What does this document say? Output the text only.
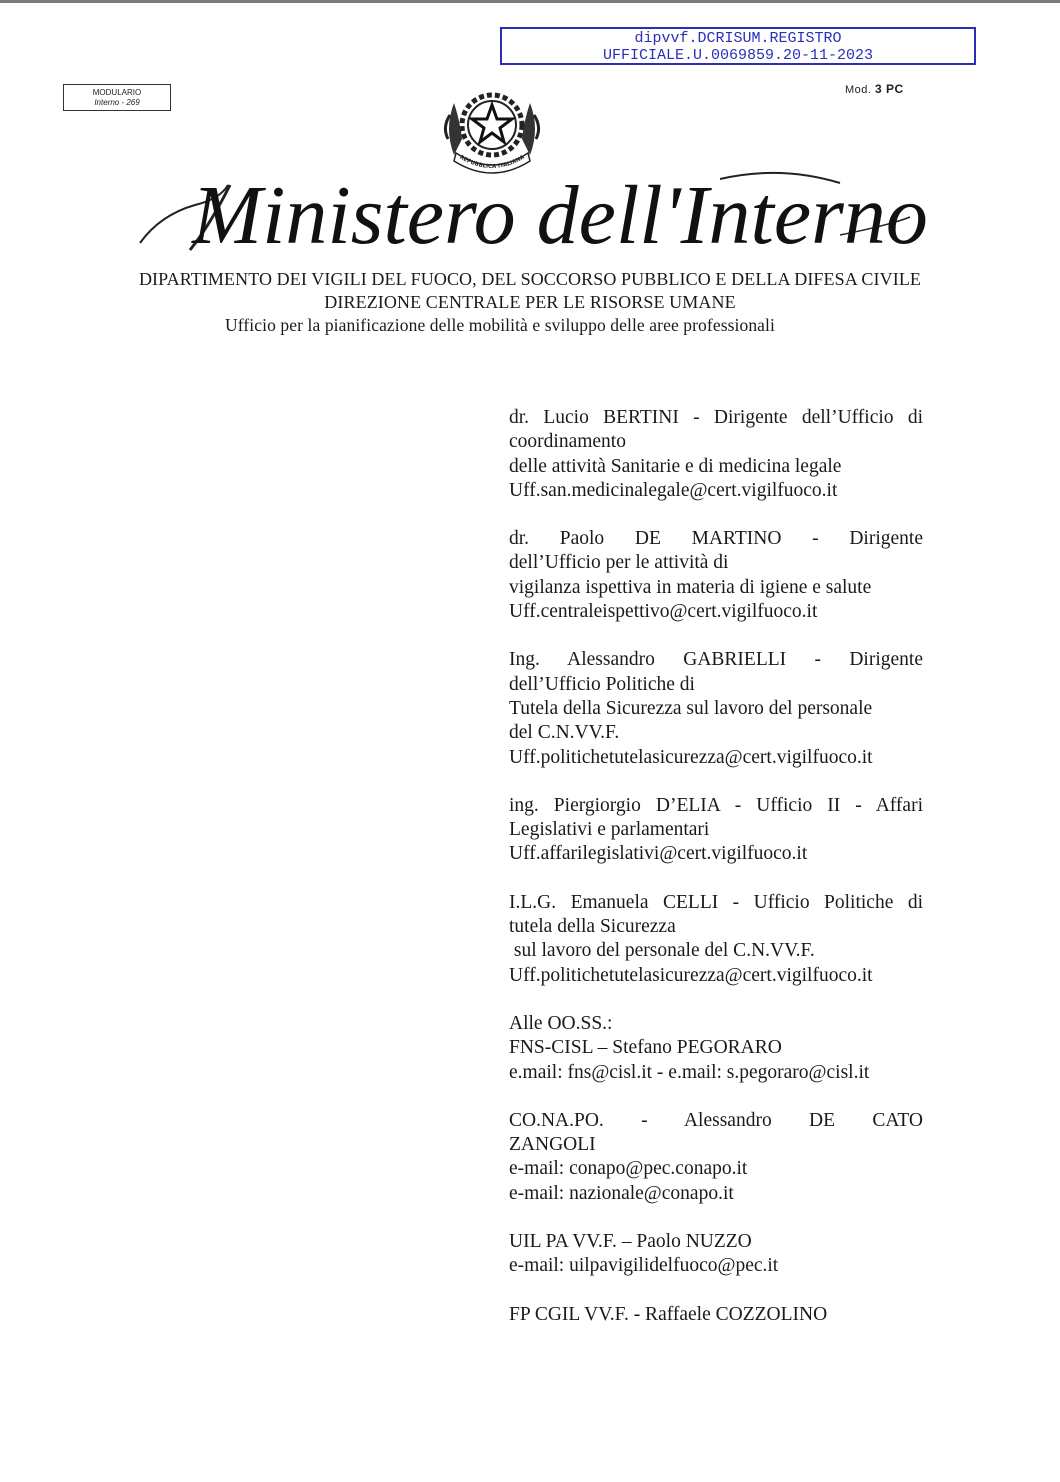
dipvvf.DCRISUM.REGISTRO
UFFICIALE.U.0069859.20-11-2023
MODULARIO
Interno - 269
Mod. 3 PC
REPUBBLICA ITALIANA
Ministero dell'Interno
DIPARTIMENTO DEI VIGILI DEL FUOCO, DEL SOCCORSO PUBBLICO E DELLA DIFESA CIVILE
DIREZIONE CENTRALE PER LE RISORSE UMANE
Ufficio per la pianificazione delle mobilità e sviluppo delle aree professionali
dr. Lucio BERTINI - Dirigente dell’Ufficio di
coordinamento
delle attività Sanitarie e di medicina legale
Uff.san.medicinalegale@cert.vigilfuoco.it
dr. Paolo DE MARTINO - Dirigente
dell’Ufficio per le attività di
vigilanza ispettiva in materia di igiene e salute
Uff.centraleispettivo@cert.vigilfuoco.it
Ing. Alessandro GABRIELLI - Dirigente
dell’Ufficio Politiche di
Tutela della Sicurezza sul lavoro del personale
del C.N.VV.F.
Uff.politichetutelasicurezza@cert.vigilfuoco.it
ing. Piergiorgio D’ELIA - Ufficio II - Affari
Legislativi e parlamentari
Uff.affarilegislativi@cert.vigilfuoco.it
I.L.G. Emanuela CELLI - Ufficio Politiche di
tutela della Sicurezza
sul lavoro del personale del C.N.VV.F.
Uff.politichetutelasicurezza@cert.vigilfuoco.it
Alle OO.SS.:
FNS-CISL – Stefano PEGORARO
e.mail: fns@cisl.it - e.mail: s.pegoraro@cisl.it
CO.NA.PO. - Alessandro DE CATO
ZANGOLI
e-mail: conapo@pec.conapo.it
e-mail: nazionale@conapo.it
UIL PA VV.F. – Paolo NUZZO
e-mail: uilpavigilidelfuoco@pec.it
FP CGIL VV.F. - Raffaele COZZOLINO
